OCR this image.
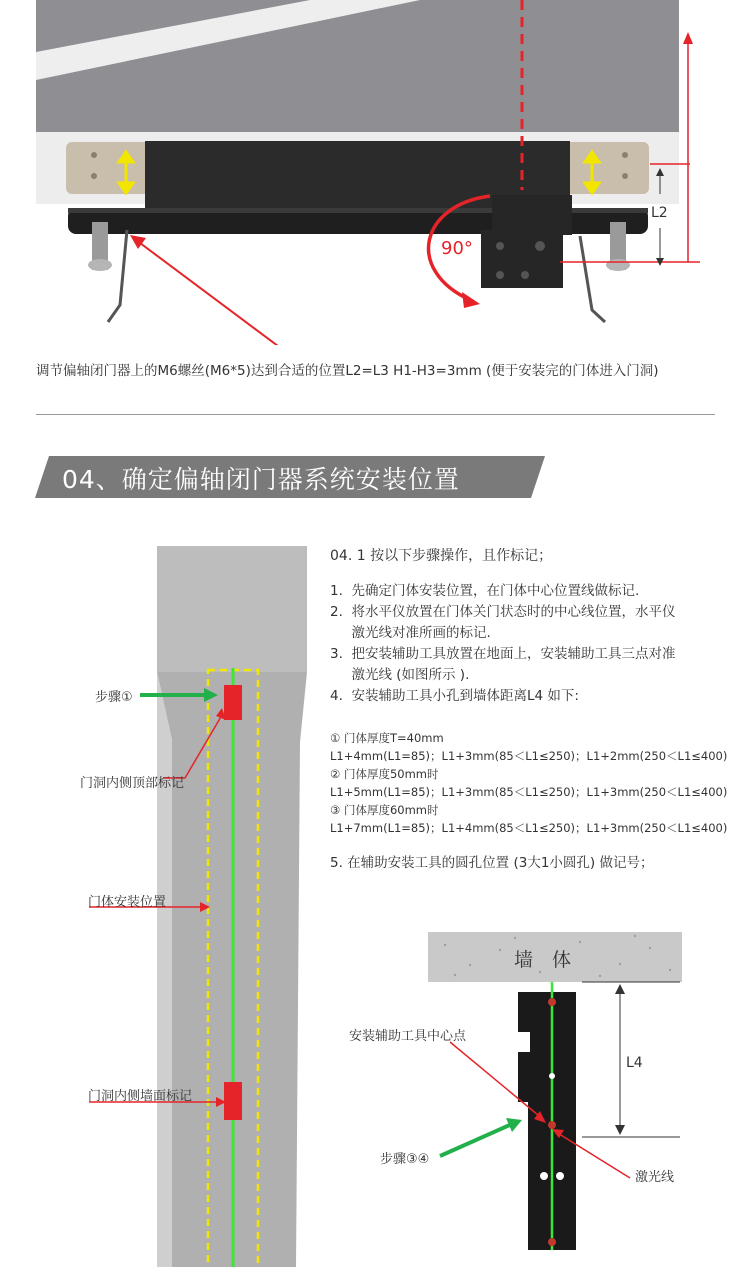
90°
L2
调节偏轴闭门器上的M6螺丝(M6*5)达到合适的位置L2=L3 H1-H3=3mm (便于安装完的门体进入门洞)
04、确定偏轴闭门器系统安装位置
步骤①
门洞内侧顶部标记
门体安装位置
门洞内侧墙面标记
04. 1 按以下步骤操作，且作标记；
1.  先确定门体安装位置，在门体中心位置线做标记.
2.  将水平仪放置在门体关门状态时的中心线位置，水平仪
激光线对准所画的标记.
3.  把安装辅助工具放置在地面上，安装辅助工具三点对准
激光线 (如图所示 ).
4.  安装辅助工具小孔到墙体距离L4 如下:
① 门体厚度T=40mm
L1+4mm(L1=85)；L1+3mm(85＜L1≤250)；L1+2mm(250＜L1≤400)
② 门体厚度50mm时
L1+5mm(L1=85)；L1+3mm(85＜L1≤250)；L1+3mm(250＜L1≤400)
③ 门体厚度60mm时
L1+7mm(L1=85)；L1+4mm(85＜L1≤250)；L1+3mm(250＜L1≤400)
5. 在辅助安装工具的圆孔位置 (3大1小圆孔) 做记号；
墙　体
安装辅助工具中心点
L4
步骤③④
激光线
